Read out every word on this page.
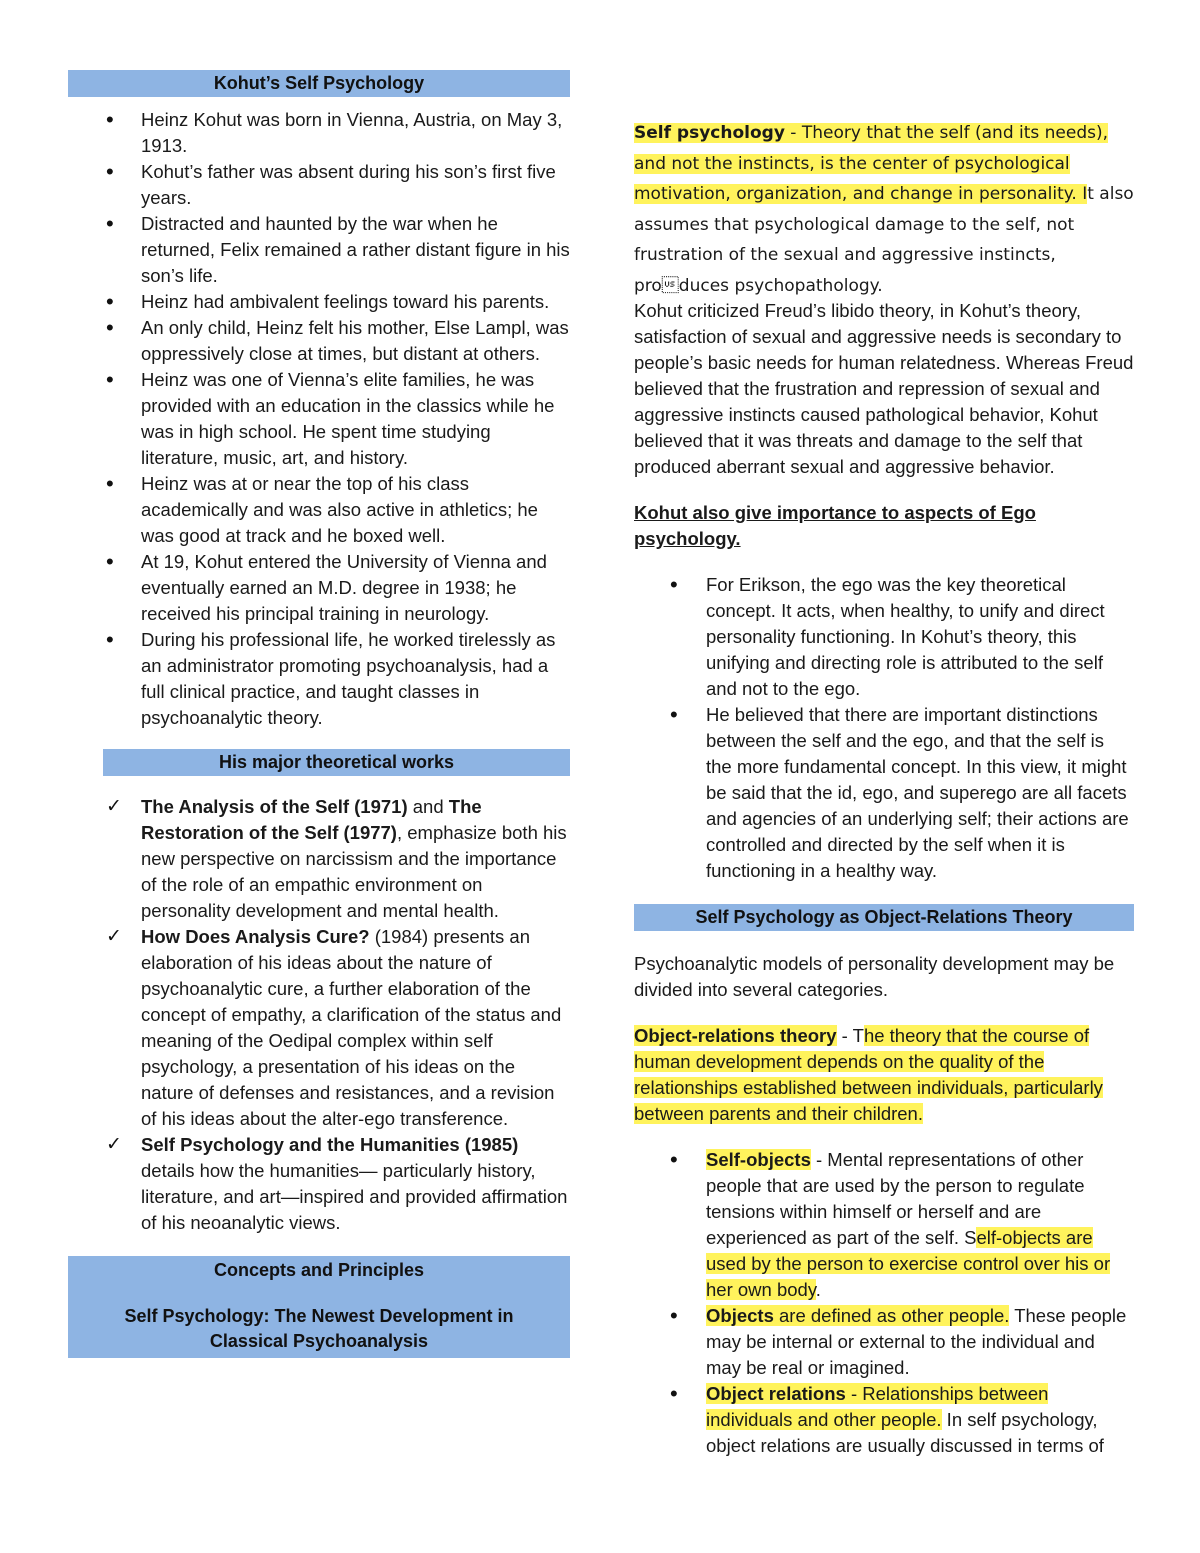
Kohut’s Self Psychology
• Heinz Kohut was born in Vienna, Austria, on May 3, 1913.
• Kohut’s father was absent during his son’s first five years.
• Distracted and haunted by the war when he returned, Felix remained a rather distant figure in his son’s life.
• Heinz had ambivalent feelings toward his parents.
• An only child, Heinz felt his mother, Else Lampl, was oppressively close at times, but distant at others.
• Heinz was one of Vienna’s elite families, he was provided with an education in the classics while he was in high school. He spent time studying literature, music, art, and history.
• Heinz was at or near the top of his class academically and was also active in athletics; he was good at track and he boxed well.
• At 19, Kohut entered the University of Vienna and eventually earned an M.D. degree in 1938; he received his principal training in neurology.
• During his professional life, he worked tirelessly as an administrator promoting psychoanalysis, had a full clinical practice, and taught classes in psychoanalytic theory.
His major theoretical works
✓ The Analysis of the Self (1971) and The Restoration of the Self (1977), emphasize both his new perspective on narcissism and the importance of the role of an empathic environment on personality development and mental health.
✓ How Does Analysis Cure? (1984) presents an elaboration of his ideas about the nature of psychoanalytic cure, a further elaboration of the concept of empathy, a clarification of the status and meaning of the Oedipal complex within self psychology, a presentation of his ideas on the nature of defenses and resistances, and a revision of his ideas about the alter-ego transference.
✓ Self Psychology and the Humanities (1985) details how the humanities— particularly history, literature, and art—inspired and provided affirmation of his neoanalytic views.
Concepts and Principles
Self Psychology: The Newest Development in Classical Psychoanalysis

Self psychology - Theory that the self (and its needs), and not the instincts, is the center of psychological motivation, organization, and change in personality. It also assumes that psychological damage to the self, not frustration of the sexual and aggressive instincts, produces psychopathology.

Kohut criticized Freud’s libido theory, in Kohut’s theory, satisfaction of sexual and aggressive needs is secondary to people’s basic needs for human relatedness. Whereas Freud believed that the frustration and repression of sexual and aggressive instincts caused pathological behavior, Kohut believed that it was threats and damage to the self that produced aberrant sexual and aggressive behavior.

Kohut also give importance to aspects of Ego psychology.

• For Erikson, the ego was the key theoretical concept. It acts, when healthy, to unify and direct personality functioning. In Kohut’s theory, this unifying and directing role is attributed to the self and not to the ego.
• He believed that there are important distinctions between the self and the ego, and that the self is the more fundamental concept. In this view, it might be said that the id, ego, and superego are all facets and agencies of an underlying self; their actions are controlled and directed by the self when it is functioning in a healthy way.
Self Psychology as Object-Relations Theory

Psychoanalytic models of personality development may be divided into several categories.

Object-relations theory - The theory that the course of human development depends on the quality of the relationships established between individuals, particularly between parents and their children.

• Self-objects - Mental representations of other people that are used by the person to regulate tensions within himself or herself and are experienced as part of the self. Self-objects are used by the person to exercise control over his or her own body.
• Objects are defined as other people. These people may be internal or external to the individual and may be real or imagined.
• Object relations - Relationships between individuals and other people. In self psychology, object relations are usually discussed in terms of
